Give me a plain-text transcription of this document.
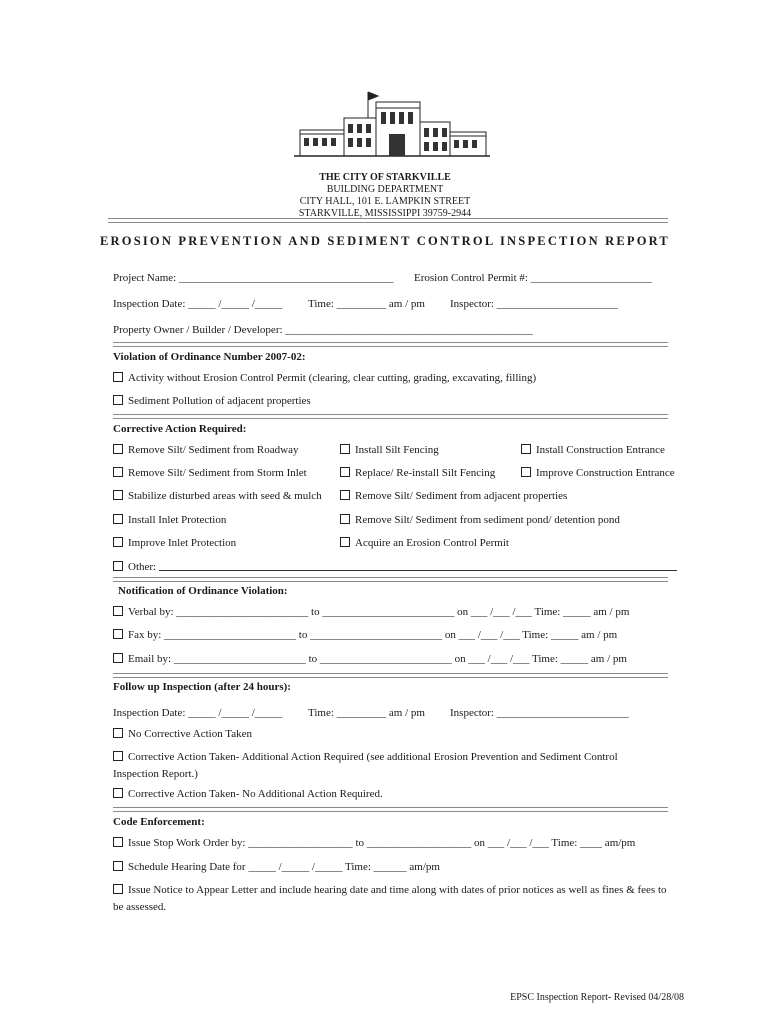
THE CITY OF STARKVILLE
BUILDING DEPARTMENT
CITY HALL, 101 E. LAMPKIN STREET
STARKVILLE, MISSISSIPPI 39759-2944
EROSION PREVENTION AND SEDIMENT CONTROL INSPECTION REPORT
Project Name: _______________________________________ Erosion Control Permit #: ______________________
Inspection Date: _____ /_____ /_____ Time: _________ am / pm Inspector: ______________________
Property Owner / Builder / Developer: _____________________________________________
Violation of Ordinance Number 2007-02:
Activity without Erosion Control Permit (clearing, clear cutting, grading, excavating, filling)
Sediment Pollution of adjacent properties
Corrective Action Required:
Remove Silt/ Sediment from Roadway
Remove Silt/ Sediment from Storm Inlet
Stabilize disturbed areas with seed & mulch
Install Inlet Protection
Improve Inlet Protection
Other:
Install Silt Fencing
Replace/ Re-install Silt Fencing
Remove Silt/ Sediment from adjacent properties
Remove Silt/ Sediment from sediment pond/ detention pond
Acquire an Erosion Control Permit
Install Construction Entrance
Improve Construction Entrance
Notification of Ordinance Violation:
Verbal by: ________________________ to ________________________ on ___ /___ /___ Time: _____ am / pm
Fax by: ________________________ to ________________________ on ___ /___ /___ Time: _____ am / pm
Email by: ________________________ to ________________________ on ___ /___ /___ Time: _____ am / pm
Follow up Inspection (after 24 hours):
Inspection Date: _____ /_____ /_____ Time: _________ am / pm Inspector: ________________________
No Corrective Action Taken
Corrective Action Taken- Additional Action Required (see additional Erosion Prevention and Sediment Control
Inspection Report.)
Corrective Action Taken- No Additional Action Required.
Code Enforcement:
Issue Stop Work Order by: ___________________ to ___________________ on ___ /___ /___ Time: ____ am/pm
Schedule Hearing Date for _____ /_____ /_____ Time: ______ am/pm
Issue Notice to Appear Letter and include hearing date and time along with dates of prior notices as well as fines & fees to
be assessed.
EPSC Inspection Report- Revised 04/28/08
